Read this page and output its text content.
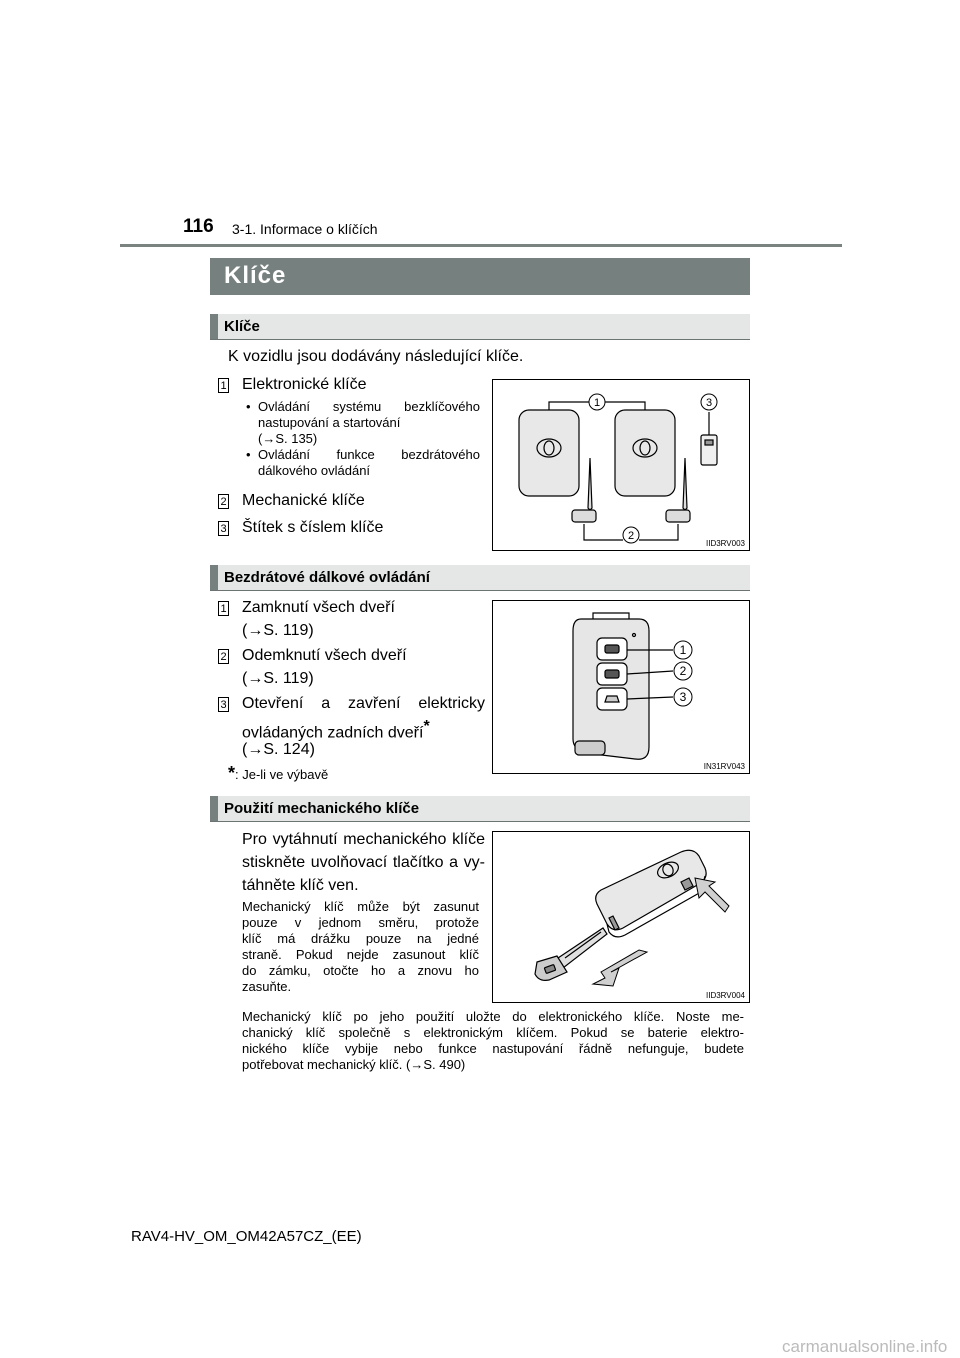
116 3-1. Informace o klíčích
Klíče
Klíče
K vozidlu jsou dodávány následující klíče.
1 Elektronické klíče
• Ovládání systému bezklíčového
nastupování a startování
(→S. 135)
• Ovládání funkce bezdrátového
dálkového ovládání
2 Mechanické klíče
3 Štítek s číslem klíče
1	3
2
IID3RV003
Bezdrátové dálkové ovládání
1 Zamknutí všech dveří
(→S. 119)
2 Odemknutí všech dveří
(→S. 119)
3 Otevření a zavření elektricky
ovládaných zadních dveří*
(→S. 124)
*: Je-li ve výbavě
1
2
3
IN31RV043
Použití mechanického klíče
Pro vytáhnutí mechanického klíče
stiskněte uvolňovací tlačítko a vy-
táhněte klíč ven.
Mechanický klíč může být zasunut
pouze v jednom směru, protože
klíč má drážku pouze na jedné
straně. Pokud nejde zasunout klíč
do zámku, otočte ho a znovu ho
zasuňte.
IID3RV004
Mechanický klíč po jeho použití uložte do elektronického klíče. Noste me-
chanický klíč společně s elektronickým klíčem. Pokud se baterie elektro-
nického klíče vybije nebo funkce nastupování řádně nefunguje, budete
potřebovat mechanický klíč. (→S. 490)
RAV4-HV_OM_OM42A57CZ_(EE)
carmanualsonline.info
